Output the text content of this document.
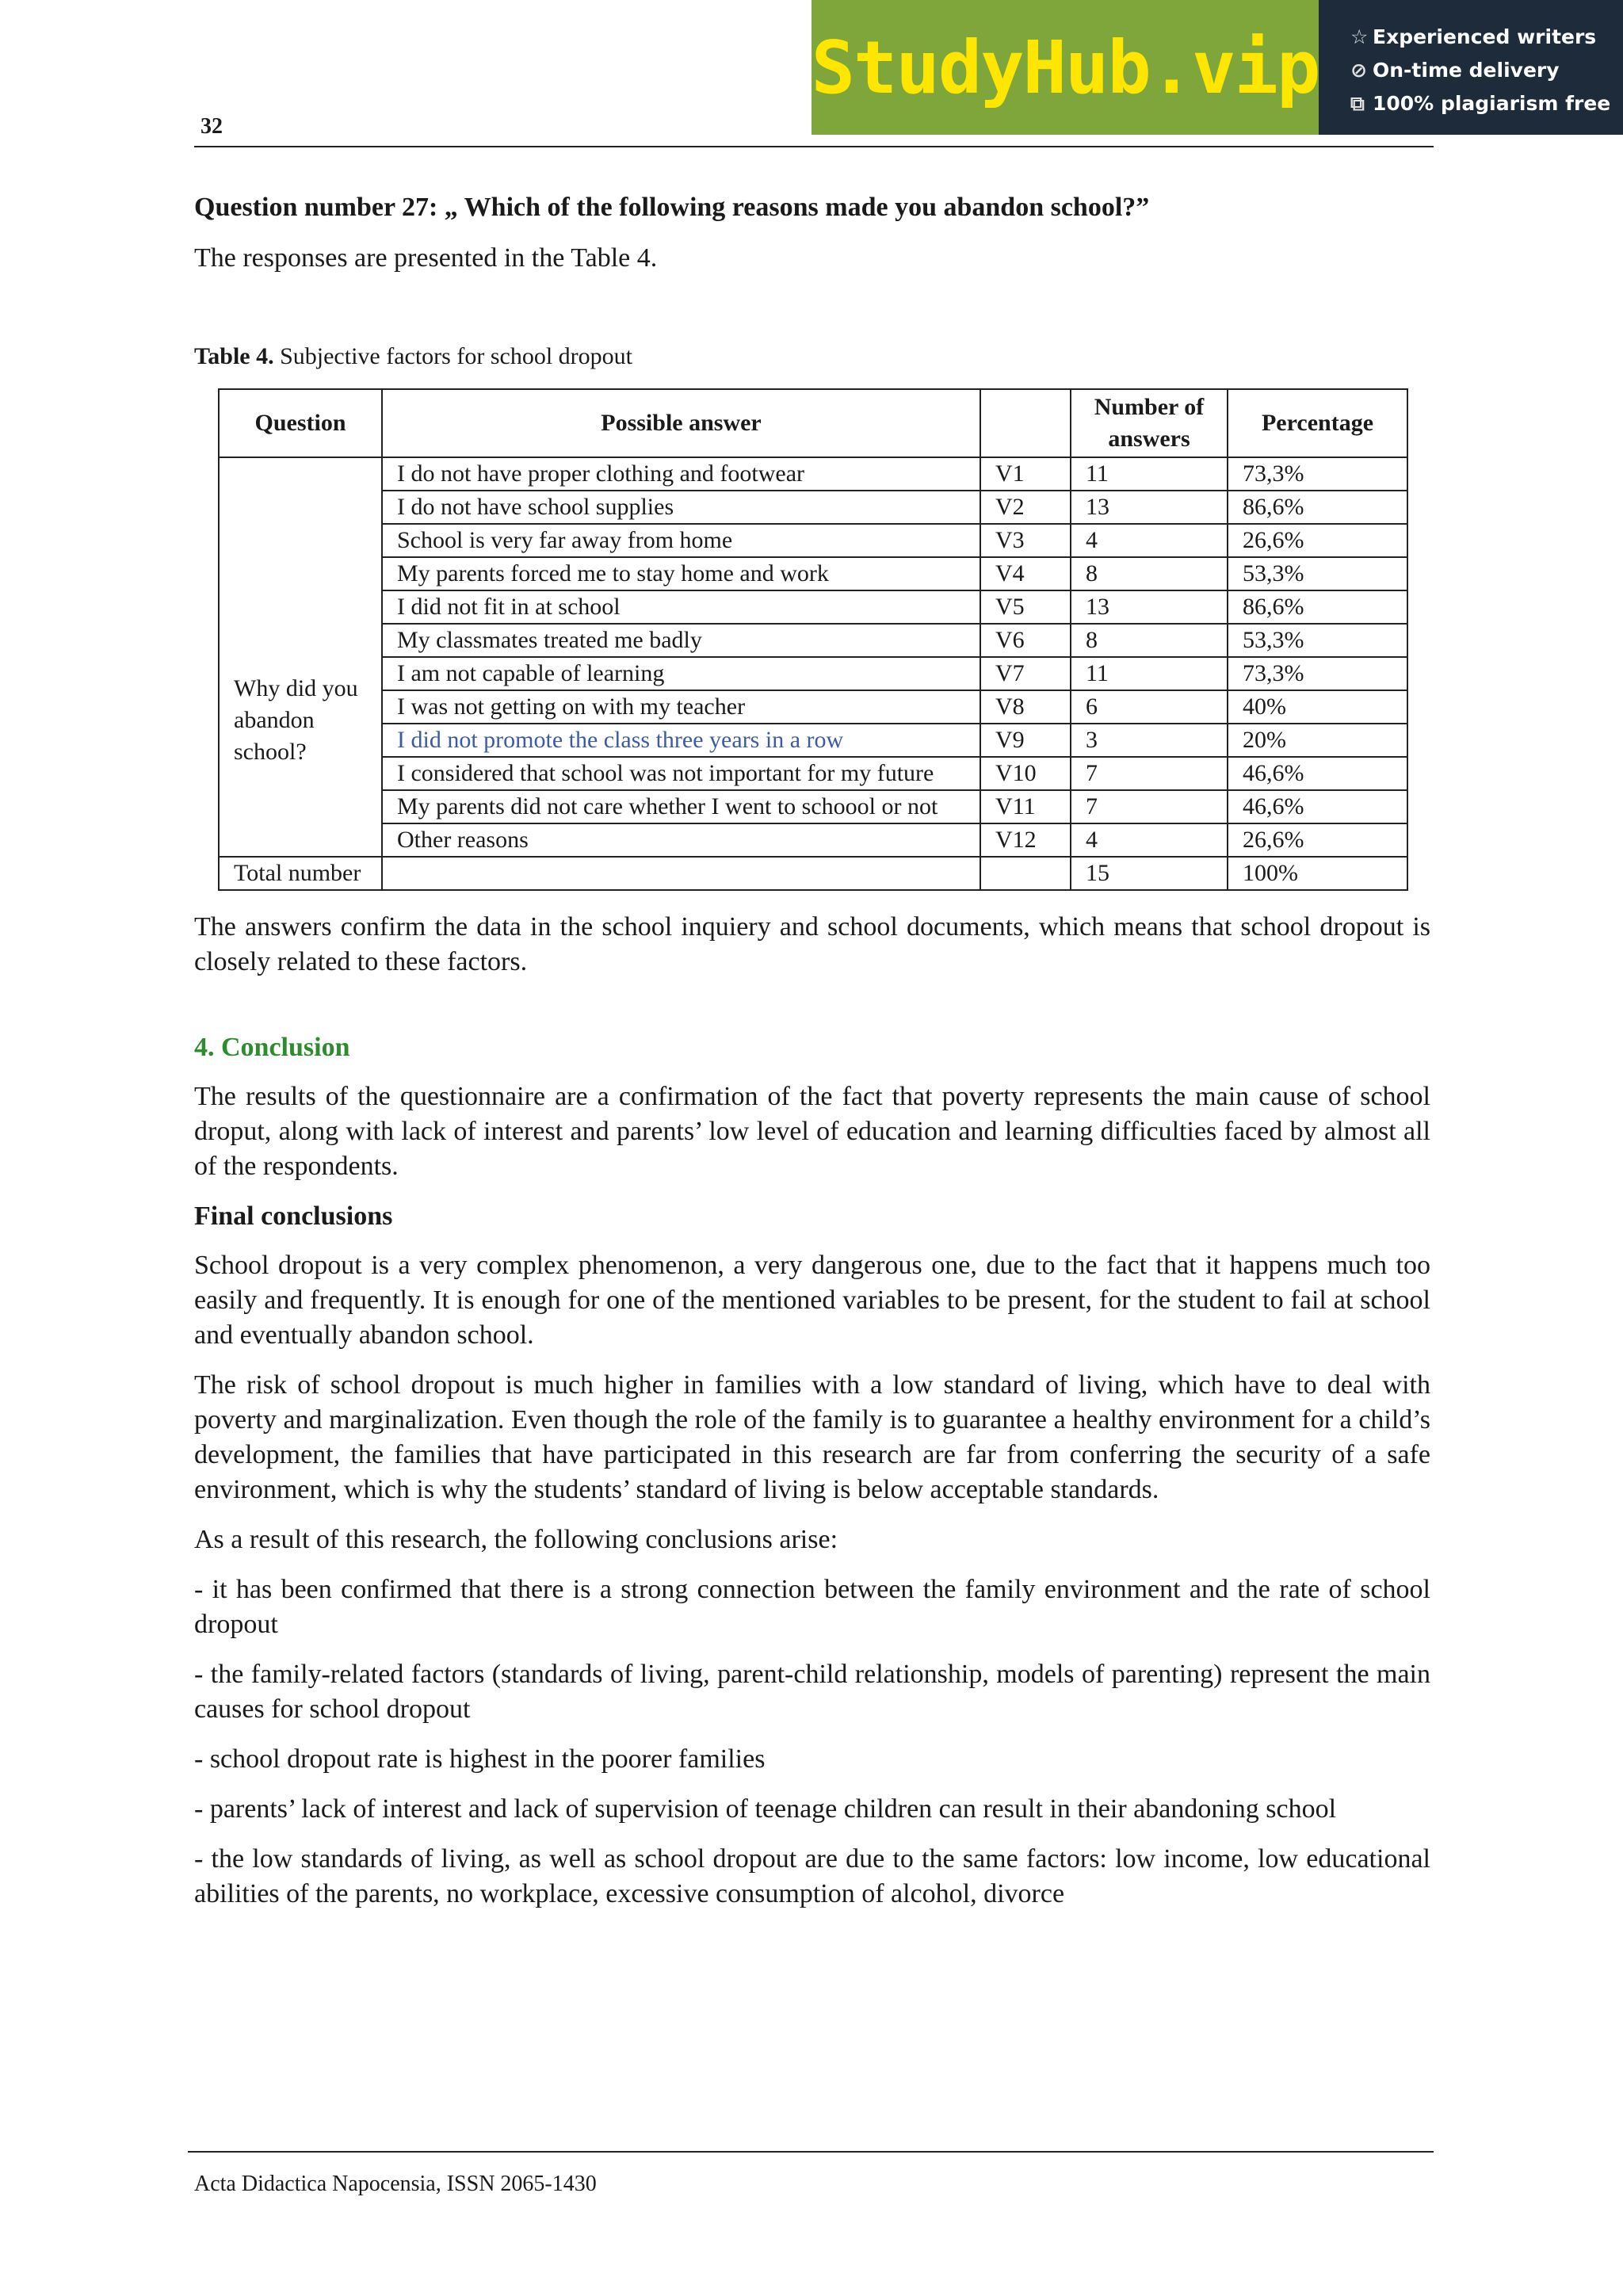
32
StudyHub.vip ☆ Experienced writers
⊘ On-time delivery
⧉ 100% plagiarism free

Question number 27: „ Which of the following reasons made you abandon school?”

The responses are presented in the Table 4.

Table 4. Subjective factors for school dropout

Question	Possible answer		Number of answers	Percentage
Why did you abandon school?	I do not have proper clothing and footwear	V1	11	73,3%
	I do not have school supplies	V2	13	86,6%
	School is very far away from home	V3	4	26,6%
	My parents forced me to stay home and work	V4	8	53,3%
	I did not fit in at school	V5	13	86,6%
	My classmates treated me badly	V6	8	53,3%
	I am not capable of learning	V7	11	73,3%
	I was not getting on with my teacher	V8	6	40%
	I did not promote the class three years in a row	V9	3	20%
	I considered that school was not important for my future	V10	7	46,6%
	My parents did not care whether I went to schoool or not	V11	7	46,6%
	Other reasons	V12	4	26,6%
Total number			15	100%

The answers confirm the data in the school inquiery and school documents, which means that school dropout is closely related to these factors.

4. Conclusion

The results of the questionnaire are a confirmation of the fact that poverty represents the main cause of school droput, along with lack of interest and parents’ low level of education and learning difficulties faced by almost all of the respondents.

Final conclusions

School dropout is a very complex phenomenon, a very dangerous one, due to the fact that it happens much too easily and frequently. It is enough for one of the mentioned variables to be present, for the student to fail at school and eventually abandon school.

The risk of school dropout is much higher in families with a low standard of living, which have to deal with poverty and marginalization. Even though the role of the family is to guarantee a healthy environment for a child’s development, the families that have participated in this research are far from conferring the security of a safe environment, which is why the students’ standard of living is below acceptable standards.

As a result of this research, the following conclusions arise:

- it has been confirmed that there is a strong connection between the family environment and the rate of school dropout

- the family-related factors (standards of living, parent-child relationship, models of parenting) represent the main causes for school dropout

- school dropout rate is highest in the poorer families

- parents’ lack of interest and lack of supervision of teenage children can result in their abandoning school

- the low standards of living, as well as school dropout are due to the same factors: low income, low educational abilities of the parents, no workplace, excessive consumption of alcohol, divorce

Acta Didactica Napocensia, ISSN 2065-1430
